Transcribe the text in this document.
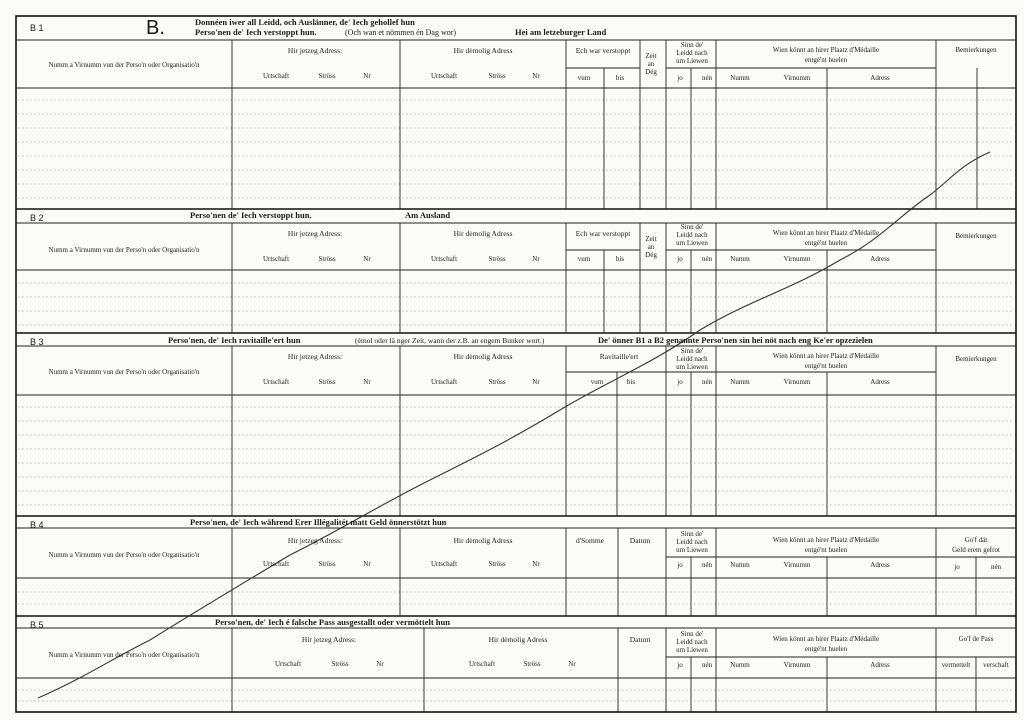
B 1	B.	Donnéen iwer all Leidd, och Auslänner, de' Iech gehollef hun
Perso'nen de' Iech verstoppt hun.	(Och wan et nömmen én Dag wor)	Hei am letzeburger Land
Numm a Virnumm vun der Perso'n oder Organisatio'n
Hir jetzeg Adress:
Urtschaft	Ströss	Nr
Hir dėmolig Adress
Urtschaft	Ströss	Nr
Ech war verstoppt
vum	bis
Zeit
an
Dég
Sinn de'
Leidd nach
um Liewen
jo	nén
Wien könnt an hirer Plaatz d'Médaille
entgé'nt huelen
Numm	Virnumm	Adress
Bemierkungen
B 2	Perso'nen de' Iech verstoppt hun.	Am Ausland
Numm a Virnumm vun der Perso'n oder Organisatio'n
Hir jetzeg Adress:
Urtschaft	Ströss	Nr
Hir dėmolig Adress
Urtschaft	Ströss	Nr
Ech war verstoppt
vum	bis
Zeit
an
Dég
Sinn de'
Leidd nach
um Liewen
jo	nén
Wien könnt an hirer Plaatz d'Médaille
entgé'nt huelen
Numm	Virnumm	Adress
Bemierkungen
B 3	Perso'nen, de' Iech ravitaille'ert hun	(émol oder lä nger Zeit, wann der z.B. an engem Bunker wort.)	De' önner B1 a B2 genannte Perso'nen sin hei nöt nach eng Ke'er opzezielen
Numm a Virnumm vun der Perso'n oder Organisatio'n
Hir jetzeg Adress:
Urtschaft	Ströss	Nr
Hir dėmolig Adress
Urtschaft	Ströss	Nr
Ravitaille'ert
vum	bis
Sinn de'
Leidd nach
um Liewen
jo	nén
Wien könnt an hirer Plaatz d'Médaille
entgé'nt huelen
Numm	Virnumm	Adress
Bemierkungen
B 4	Perso'nen, de' Iech während Erer Illégalitét matt Geld önnerstötzt hun
Numm a Virnumm vun der Perso'n oder Organisatio'n
Hir jetzeg Adress:
Urtschaft	Ströss	Nr
Hir dėmolig Adress
Urtschaft	Ströss	Nr
d'Somme	Datum
Sinn de'
Leidd nach
um Liewen
jo	nén
Wien könnt an hirer Plaatz d'Médaille
entgé'nt huelen
Numm	Virnumm	Adress
Go'f dät
Geld erem gefrot
jo	nén
B 5	Perso'nen, de' Iech é falsche Pass ausgestallt oder vermöttelt hun
Numm a Virnumm vun der Perso'n oder Organisatio'n
Hir jetzeg Adress:
Urtschaft	Ströss	Nr
Hir dėmolig Adress
Urtschaft	Ströss	Nr
Datum
Sinn de'
Leidd nach
um Liewen
jo	nén
Wien könnt an hirer Plaatz d'Médaille
entgé'nt huelen
Numm	Virnumm	Adress
Go'f de Pass
vermettelt verschaft
